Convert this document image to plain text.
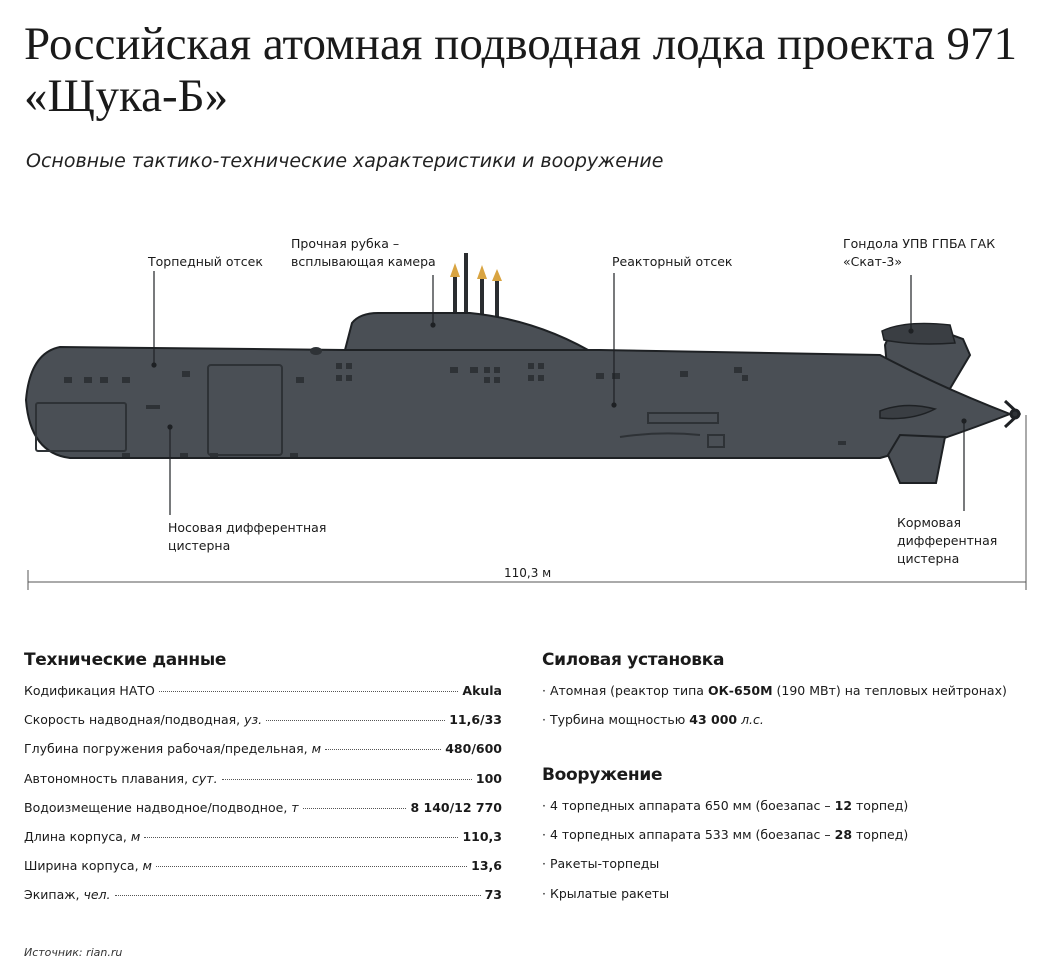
Российская атомная подводная лодка проекта 971 «Щука-Б»
Основные тактико-технические характеристики и вооружение
Торпедный отсек
Прочная рубка –
всплывающая камера	Реакторный отсек
Гондола УПВ ГПБА ГАК
«Скат-3»
Носовая дифферентная
цистерна
Кормовая
дифферентная
цистерна
110,3 м
Технические данные
Кодификация НАТО	Akula
Скорость надводная/подводная, уз.	11,6/33
Глубина погружения рабочая/предельная, м	480/600
Автономность плавания, сут.	100
Водоизмещение надводное/подводное, т	8 140/12 770
Длина корпуса, м	110,3
Ширина корпуса, м	13,6
Экипаж, чел.	73
Силовая установка
· Атомная (реактор типа ОК-650М (190 МВт) на тепловых нейтронах)
· Турбина мощностью 43 000 л.с.
Вооружение
· 4 торпедных аппарата 650 мм (боезапас – 12 торпед)
· 4 торпедных аппарата 533 мм (боезапас – 28 торпед)
· Ракеты-торпеды
· Крылатые ракеты
Источник: rian.ru
